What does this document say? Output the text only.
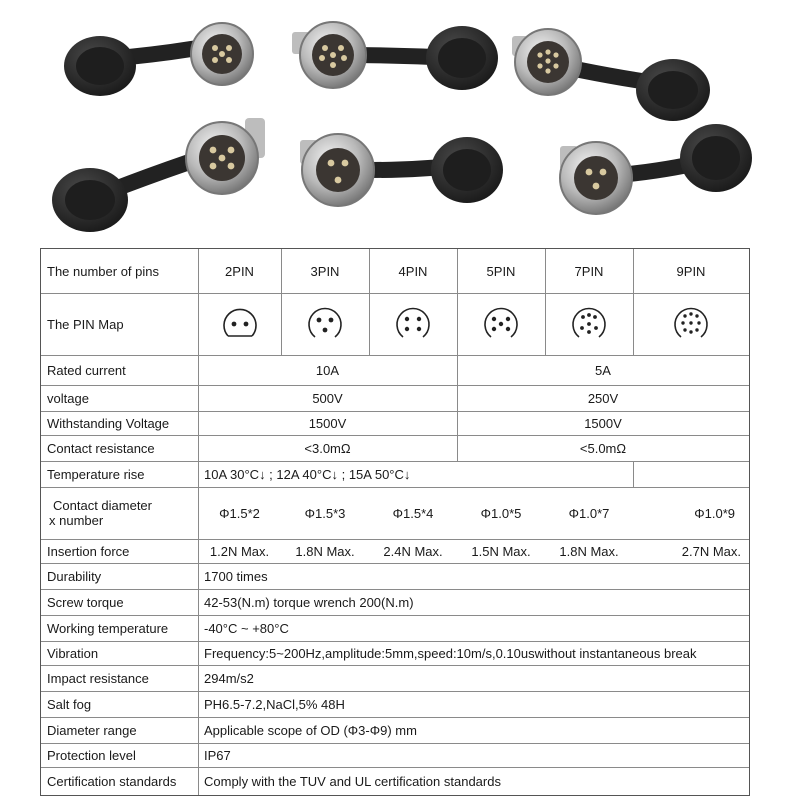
The number of pins	2PIN	3PIN	4PIN	5PIN	7PIN	9PIN
The PIN Map
Rated current	10A	5A
voltage	500V	250V
Withstanding Voltage	1500V	1500V
Contact resistance	<3.0mΩ	<5.0mΩ
Temperature rise	10A 30°C↓ ; 12A 40°C↓ ; 15A 50°C↓
Contact diameter
x number	Φ1.5*2	Φ1.5*3	Φ1.5*4	Φ1.0*5	Φ1.0*7	Φ1.0*9
Insertion force	1.2N Max.	1.8N Max.	2.4N Max.	1.5N Max.	1.8N Max.	2.7N Max.
Durability	1700 times
Screw torque	42-53(N.m) torque wrench 200(N.m)
Working temperature	-40°C ~ +80°C
Vibration	Frequency:5~200Hz,amplitude:5mm,speed:10m/s,0.10uswithout instantaneous break
Impact resistance	294m/s2
Salt fog	PH6.5-7.2,NaCl,5% 48H
Diameter range	Applicable scope of OD (Φ3-Φ9) mm
Protection level	IP67
Certification standards	Comply with the TUV and UL certification standards
